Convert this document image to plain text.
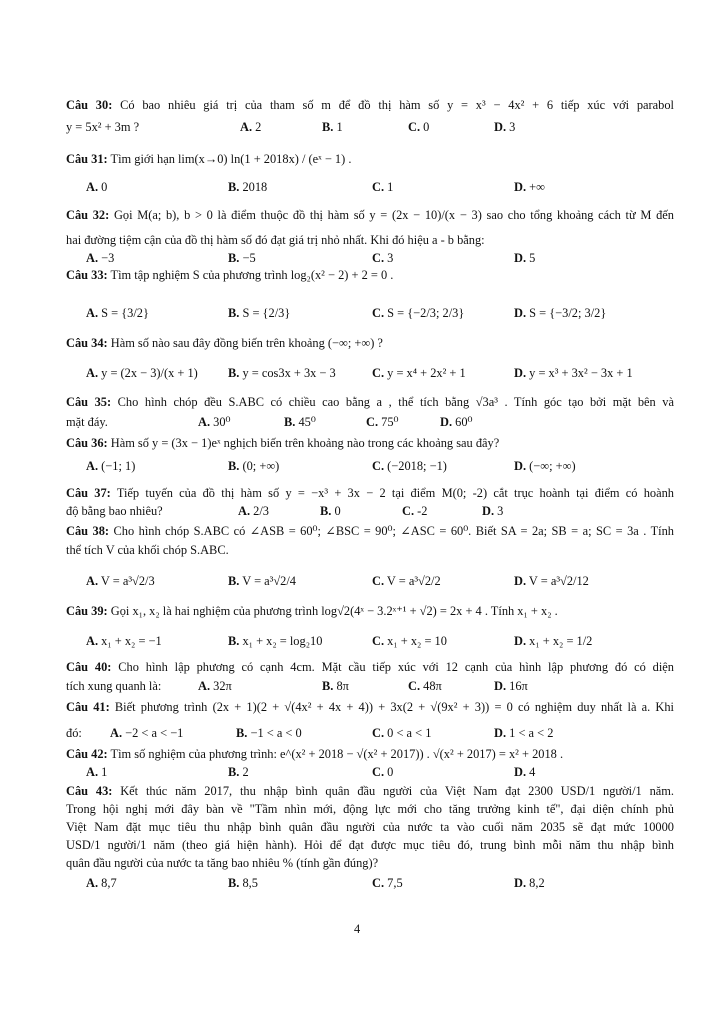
Câu 30: Có bao nhiêu giá trị của tham số m để đồ thị hàm số y = x³ − 4x² + 6 tiếp xúc với parabol
y = 5x² + 3m ?	A. 2	B. 1	C. 0	D. 3
Câu 31: Tìm giới hạn lim(x→0) ln(1 + 2018x) / (eˣ − 1) .
A. 0	B. 2018	C. 1	D. +∞
Câu 32: Gọi M(a; b), b > 0 là điểm thuộc đồ thị hàm số y = (2x − 10)/(x − 3) sao cho tổng khoảng cách từ M đến
hai đường tiệm cận của đồ thị hàm số đó đạt giá trị nhỏ nhất. Khi đó hiệu a - b bằng:
A. −3	B. −5	C. 3	D. 5
Câu 33: Tìm tập nghiệm S của phương trình log₂(x² − 2) + 2 = 0 .
A. S = {3/2}	B. S = {2/3}	C. S = {−2/3; 2/3}	D. S = {−3/2; 3/2}
Câu 34: Hàm số nào sau đây đồng biến trên khoảng (−∞; +∞) ?
A. y = (2x − 3)/(x + 1) B. y = cos3x + 3x − 3	C. y = x⁴ + 2x² + 1	D. y = x³ + 3x² − 3x + 1
Câu 35: Cho hình chóp đều S.ABC có chiều cao bằng a , thể tích bằng √3a³ . Tính góc tạo bởi mặt bên và
mặt đáy.	A. 30⁰	B. 45⁰	C. 75⁰	D. 60⁰
Câu 36: Hàm số y = (3x − 1)eˣ nghịch biến trên khoảng nào trong các khoảng sau đây?
A. (−1; 1)	B. (0; +∞)	C. (−2018; −1)	D. (−∞; +∞)
Câu 37: Tiếp tuyến của đồ thị hàm số y = −x³ + 3x − 2 tại điểm M(0; -2) cắt trục hoành tại điểm có hoành
độ bằng bao nhiêu?	A. 2/3	B. 0	C. -2	D. 3
Câu 38: Cho hình chóp S.ABC có ∠ASB = 60⁰; ∠BSC = 90⁰; ∠ASC = 60⁰. Biết SA = 2a; SB = a; SC = 3a . Tính
thể tích V của khối chóp S.ABC.
A. V = a³√2/3	B. V = a³√2/4	C. V = a³√2/2	D. V = a³√2/12
Câu 39: Gọi x₁, x₂ là hai nghiệm của phương trình log√2(4ˣ − 3.2ˣ⁺¹ + √2) = 2x + 4 . Tính x₁ + x₂ .
A. x₁ + x₂ = −1	B. x₁ + x₂ = log₂10	C. x₁ + x₂ = 10	D. x₁ + x₂ = 1/2
Câu 40: Cho hình lập phương có cạnh 4cm. Mặt cầu tiếp xúc với 12 cạnh của hình lập phương đó có diện
tích xung quanh là:	A. 32π	B. 8π	C. 48π	D. 16π
Câu 41: Biết phương trình (2x + 1)(2 + √(4x² + 4x + 4)) + 3x(2 + √(9x² + 3)) = 0 có nghiệm duy nhất là a. Khi
đó: A. −2 < a < −1	B. −1 < a < 0	C. 0 < a < 1	D. 1 < a < 2
Câu 42: Tìm số nghiệm của phương trình: e^(x² + 2018 − √(x² + 2017)) . √(x² + 2017) = x² + 2018 .
A. 1	B. 2	C. 0	D. 4
Câu 43: Kết thúc năm 2017, thu nhập bình quân đầu người của Việt Nam đạt 2300 USD/1 người/1 năm.
Trong hội nghị mới đây bàn về "Tầm nhìn mới, động lực mới cho tăng trưởng kinh tế", đại diện chính phủ
Việt Nam đặt mục tiêu thu nhập bình quân đầu người của nước ta vào cuối năm 2035 sẽ đạt mức 10000
USD/1 người/1 năm (theo giá hiện hành). Hỏi để đạt được mục tiêu đó, trung bình mỗi năm thu nhập bình
quân đầu người của nước ta tăng bao nhiêu % (tính gần đúng)?
A. 8,7	B. 8,5	C. 7,5	D. 8,2
4
